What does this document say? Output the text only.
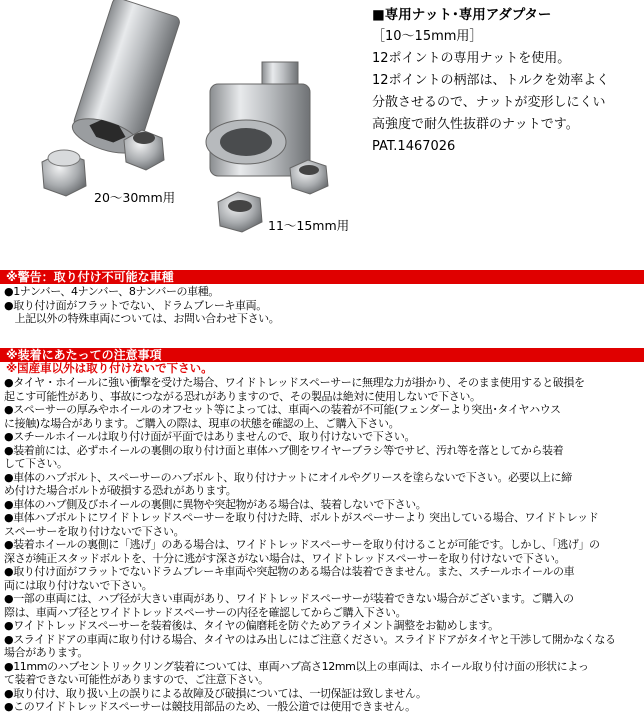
20～30mm用
11～15mm用
■専用ナット･専用アダプター
［10～15mm用］
12ポイントの専用ナットを使用。
12ポイントの柄部は、トルクを効率よく
分散させるので、ナットが変形しにくい
高強度で耐久性抜群のナットです。
PAT.1467026
※警告：取り付け不可能な車種
●1ナンバー、4ナンバー、8ナンバーの車種。
●取り付け面がフラットでない、ドラムブレーキ車両。
　上記以外の特殊車両については、お問い合わせ下さい。
※装着にあたっての注意事項
※国産車以外は取り付けないで下さい。
●タイヤ・ホイールに強い衝撃を受けた場合、ワイドトレッドスペーサーに無理な力が掛かり、そのまま使用すると破損を
起こす可能性があり、事故につながる恐れがありますので、その製品は絶対に使用しないで下さい。
●スペーサーの厚みやホイールのオフセット等によっては、車両への装着が不可能(フェンダーより突出･タイヤハウス
に接触)な場合があります。ご購入の際は、現車の状態を確認の上、ご購入下さい。
●スチールホイールは取り付け面が平面ではありませんので、取り付けないで下さい。
●装着前には、必ずホイールの裏側の取り付け面と車体ハブ側をワイヤーブラシ等でサビ、汚れ等を落としてから装着
して下さい。
●車体のハブボルト、スペーサーのハブボルト、取り付けナットにオイルやグリースを塗らないで下さい。必要以上に締
め付けた場合ボルトが破損する恐れがあります。
●車体のハブ側及びホイールの裏側に異物や突起物がある場合は、装着しないで下さい。
●車体ハブボルトにワイドトレッドスペーサーを取り付けた時、ボルトがスペーサーより 突出している場合、ワイドトレッド
スペーサーを取り付けないで下さい。
●装着ホイールの裏側に「逃げ」のある場合は、ワイドトレッドスペーサーを取り付けることが可能です。しかし、「逃げ」の
深さが純正スタッドボルトを、十分に逃がす深さがない場合は、ワイドトレッドスペーサーを取り付けないで下さい。
●取り付け面がフラットでないドラムブレーキ車両や突起物のある場合は装着できません。また、スチールホイールの車
両には取り付けないで下さい。
●一部の車両には、ハブ径が大きい車両があり、ワイドトレッドスペーサーが装着できない場合がございます。ご購入の
際は、車両ハブ径とワイドトレッドスペーサーの内径を確認してからご購入下さい。
●ワイドトレッドスペーサーを装着後は、タイヤの偏磨耗を防ぐためアライメント調整をお勧めします。
●スライドドアの車両に取り付ける場合、タイヤのはみ出しにはご注意ください。スライドドアがタイヤと干渉して開かなくなる
場合があります。
●11mmのハブセントリックリング装着については、車両ハブ高さ12mm以上の車両は、ホイール取り付け面の形状によっ
て装着できない可能性がありますので、ご注意下さい。
●取り付け、取り扱い上の誤りによる故障及び破損については、一切保証は致しません。
●このワイドトレッドスペーサーは競技用部品のため、一般公道では使用できません。
